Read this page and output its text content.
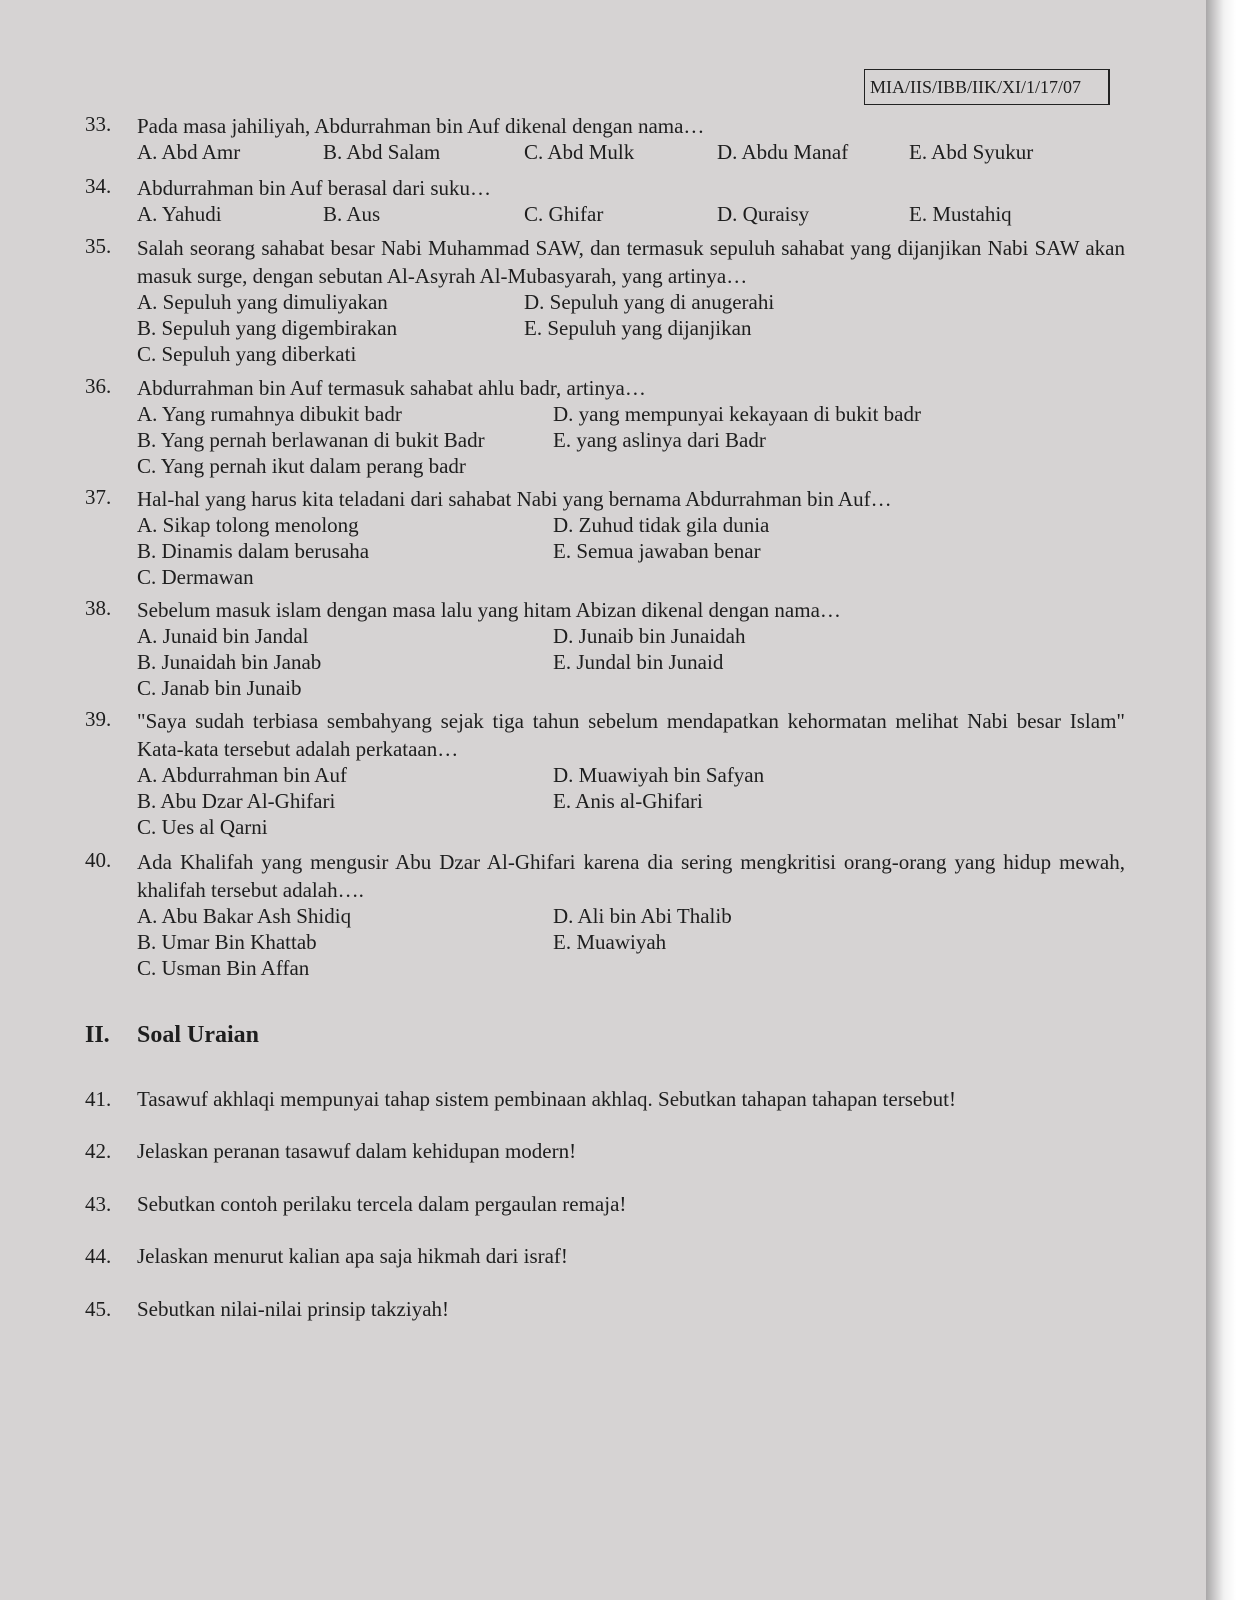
MIA/IIS/IBB/IIK/XI/1/17/07
33. Pada masa jahiliyah, Abdurrahman bin Auf dikenal dengan nama…
A. Abd Amr	B. Abd Salam	C. Abd Mulk	D. Abdu Manaf	E. Abd Syukur
34. Abdurrahman bin Auf berasal dari suku…
A. Yahudi	B. Aus	C. Ghifar	D. Quraisy	E. Mustahiq
35. Salah seorang sahabat besar Nabi Muhammad SAW, dan termasuk sepuluh sahabat yang dijanjikan Nabi SAW akan masuk surge, dengan sebutan Al-Asyrah Al-Mubasyarah, yang artinya…
A. Sepuluh yang dimuliyakan
B. Sepuluh yang digembirakan
C. Sepuluh yang diberkati
D. Sepuluh yang di anugerahi
E. Sepuluh yang dijanjikan
36. Abdurrahman bin Auf termasuk sahabat ahlu badr, artinya…
A. Yang rumahnya dibukit badr
B. Yang pernah berlawanan di bukit Badr
C. Yang pernah ikut dalam perang badr
D. yang mempunyai kekayaan di bukit badr
E. yang aslinya dari Badr
37. Hal-hal yang harus kita teladani dari sahabat Nabi yang bernama Abdurrahman bin Auf…
A. Sikap tolong menolong
B. Dinamis dalam berusaha
C. Dermawan
D. Zuhud tidak gila dunia
E. Semua jawaban benar
38. Sebelum masuk islam dengan masa lalu yang hitam Abizan dikenal dengan nama…
A. Junaid bin Jandal
B. Junaidah bin Janab
C. Janab bin Junaib
D. Junaib bin Junaidah
E. Jundal bin Junaid
39. "Saya sudah terbiasa sembahyang sejak tiga tahun sebelum mendapatkan kehormatan melihat Nabi besar Islam" Kata-kata tersebut adalah perkataan…
A. Abdurrahman bin Auf
B. Abu Dzar Al-Ghifari
C. Ues al Qarni
D. Muawiyah bin Safyan
E. Anis al-Ghifari
40. Ada Khalifah yang mengusir Abu Dzar Al-Ghifari karena dia sering mengkritisi orang-orang yang hidup mewah, khalifah tersebut adalah….
A. Abu Bakar Ash Shidiq
B. Umar Bin Khattab
C. Usman Bin Affan
D. Ali bin Abi Thalib
E. Muawiyah
II. Soal Uraian
41. Tasawuf akhlaqi mempunyai tahap sistem pembinaan akhlaq. Sebutkan tahapan tahapan tersebut!
42. Jelaskan peranan tasawuf dalam kehidupan modern!
43. Sebutkan contoh perilaku tercela dalam pergaulan remaja!
44. Jelaskan menurut kalian apa saja hikmah dari israf!
45. Sebutkan nilai-nilai prinsip takziyah!
